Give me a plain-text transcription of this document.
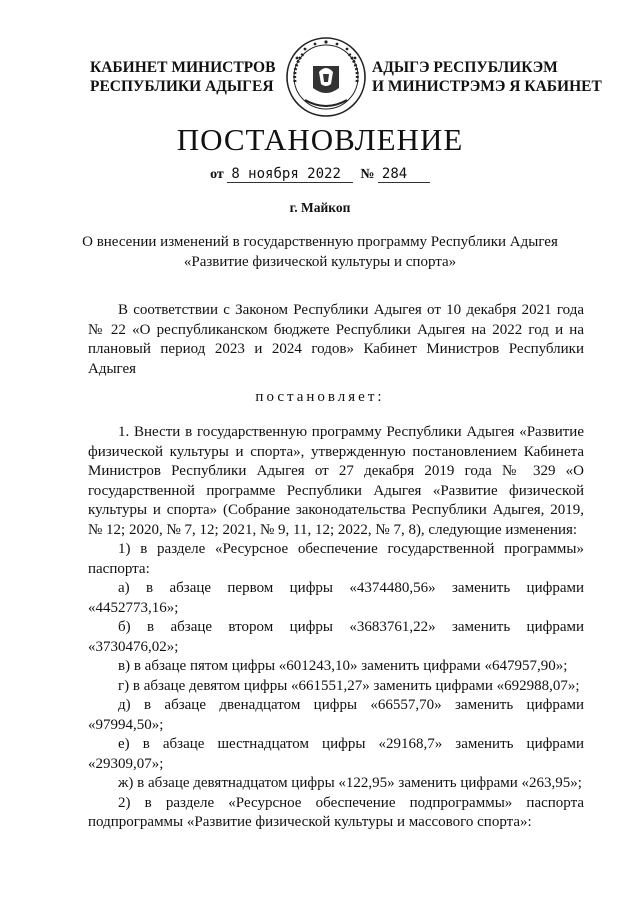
КАБИНЕТ МИНИСТРОВ
РЕСПУБЛИКИ АДЫГЕЯ
АДЫГЭ РЕСПУБЛИКЭМ
И МИНИСТРЭМЭ Я КАБИНЕТ
ПОСТАНОВЛЕНИЕ
от 8 ноября 2022 № 284
г. Майкоп
О внесении изменений в государственную программу Республики Адыгея
«Развитие физической культуры и спорта»

В соответствии с Законом Республики Адыгея от 10 декабря 2021 года № 22 «О республиканском бюджете Республики Адыгея на 2022 год и на плановый период 2023 и 2024 годов» Кабинет Министров Республики Адыгея

постановляет:

1. Внести в государственную программу Республики Адыгея «Развитие физической культуры и спорта», утвержденную постановлением Кабинета Министров Республики Адыгея от 27 декабря 2019 года № 329 «О государственной программе Республики Адыгея «Развитие физической культуры и спорта» (Собрание законодательства Республики Адыгея, 2019, № 12; 2020, № 7, 12; 2021, № 9, 11, 12; 2022, № 7, 8), следующие изменения:

1) в разделе «Ресурсное обеспечение государственной программы» паспорта:

а) в абзаце первом цифры «4374480,56» заменить цифрами «4452773,16»;

б) в абзаце втором цифры «3683761,22» заменить цифрами «3730476,02»;

в) в абзаце пятом цифры «601243,10» заменить цифрами «647957,90»;

г) в абзаце девятом цифры «661551,27» заменить цифрами «692988,07»;

д) в абзаце двенадцатом цифры «66557,70» заменить цифрами «97994,50»;

е) в абзаце шестнадцатом цифры «29168,7» заменить цифрами «29309,07»;

ж) в абзаце девятнадцатом цифры «122,95» заменить цифрами «263,95»;

2) в разделе «Ресурсное обеспечение подпрограммы» паспорта подпрограммы «Развитие физической культуры и массового спорта»:
